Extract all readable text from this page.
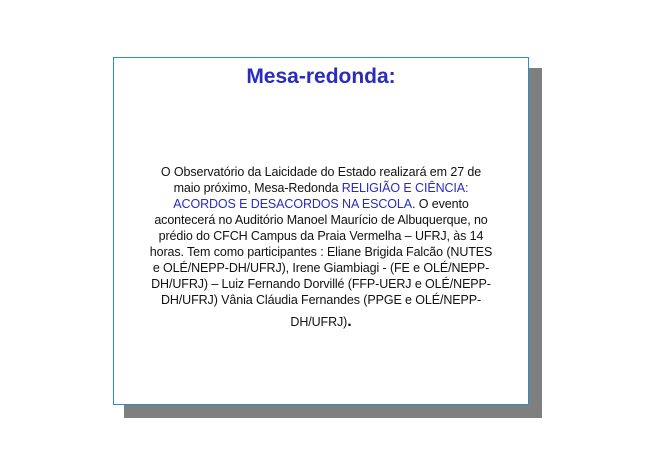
Mesa-redonda:

O Observatório da Laicidade do Estado realizará em 27 de
maio próximo, Mesa-Redonda RELIGIÃO E CIÊNCIA:
ACORDOS E DESACORDOS NA ESCOLA. O evento
acontecerá no Auditório Manoel Maurício de Albuquerque, no
prédio do CFCH Campus da Praia Vermelha – UFRJ, às 14
horas. Tem como participantes : Eliane Brigida Falcão (NUTES
e OLÉ/NEPP-DH/UFRJ), Irene Giambiagi - (FE e OLÉ/NEPP-
DH/UFRJ) – Luiz Fernando Dorvillé (FFP-UERJ e OLÉ/NEPP-
DH/UFRJ) Vânia Cláudia Fernandes (PPGE e OLÉ/NEPP-
DH/UFRJ).
